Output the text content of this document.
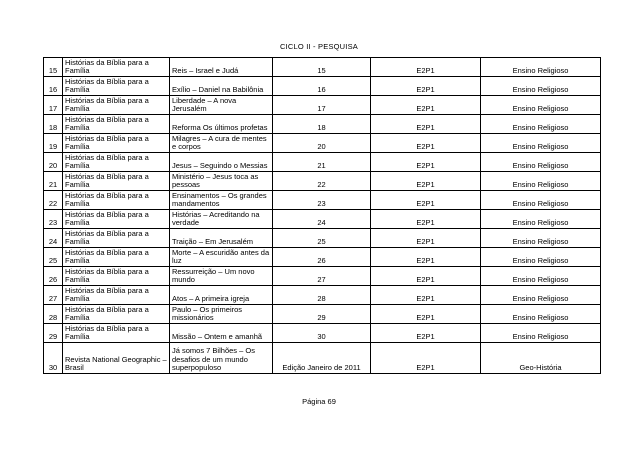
CICLO II - PESQUISA
15	Histórias da Bíblia para a Família	Reis – Israel e Judá	15	E2P1	Ensino Religioso
16	Histórias da Bíblia para a Família	Exílio – Daniel na Babilônia	16	E2P1	Ensino Religioso
17	Histórias da Bíblia para a Família	Liberdade – A nova Jerusalém	17	E2P1	Ensino Religioso
18	Histórias da Bíblia para a Família	Reforma Os últimos profetas	18	E2P1	Ensino Religioso
19	Histórias da Bíblia para a Família	Milagres – A cura de mentes e corpos	20	E2P1	Ensino Religioso
20	Histórias da Bíblia para a Família	Jesus – Seguindo o Messias	21	E2P1	Ensino Religioso
21	Histórias da Bíblia para a Família	Ministério – Jesus toca as pessoas	22	E2P1	Ensino Religioso
22	Histórias da Bíblia para a Família	Ensinamentos – Os grandes mandamentos	23	E2P1	Ensino Religioso
23	Histórias da Bíblia para a Família	Histórias – Acreditando na verdade	24	E2P1	Ensino Religioso
24	Histórias da Bíblia para a Família	Traição – Em Jerusalém	25	E2P1	Ensino Religioso
25	Histórias da Bíblia para a Família	Morte – A escuridão antes da luz	26	E2P1	Ensino Religioso
26	Histórias da Bíblia para a Família	Ressurreição – Um novo mundo	27	E2P1	Ensino Religioso
27	Histórias da Bíblia para a Família	Atos – A primeira igreja	28	E2P1	Ensino Religioso
28	Histórias da Bíblia para a Família	Paulo – Os primeiros missionários	29	E2P1	Ensino Religioso
29	Histórias da Bíblia para a Família	Missão – Ontem e amanhã	30	E2P1	Ensino Religioso
30	Revista National Geographic – Brasil	Já somos 7 Bilhões – Os desafios de um mundo superpopuloso	Edição Janeiro de 2011	E2P1	Geo-História
Página 69
